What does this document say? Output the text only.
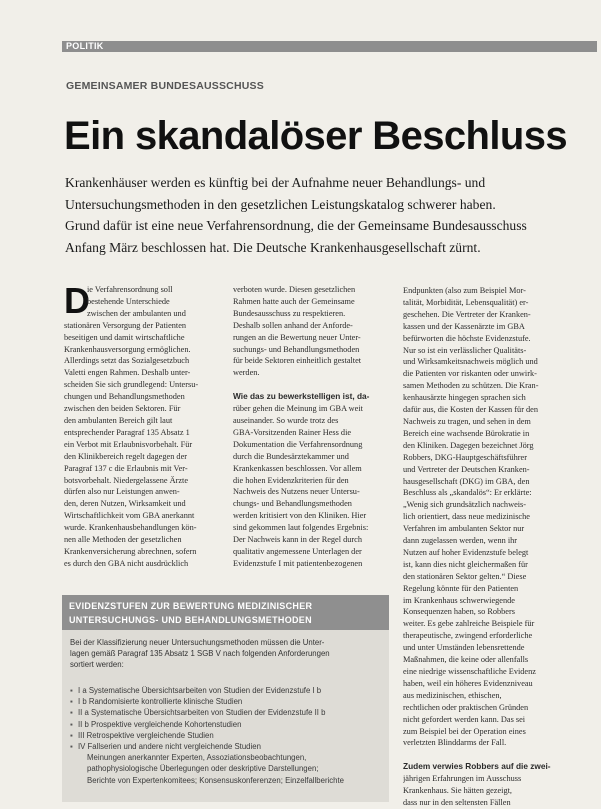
POLITIK
GEMEINSAMER BUNDESAUSSCHUSS
Ein skandalöser Beschluss

Krankenhäuser werden es künftig bei der Aufnahme neuer Behandlungs- und

Untersuchungsmethoden in den gesetzlichen Leistungskatalog schwerer haben.

Grund dafür ist eine neue Verfahrensordnung, die der Gemeinsame Bundesausschuss

Anfang März beschlossen hat. Die Deutsche Krankenhausgesellschaft zürnt.

D

ie Verfahrensordnung soll

bestehende Unterschiede

zwischen der ambulanten und

stationären Versorgung der Patienten

beseitigen und damit wirtschaftliche

Krankenhausversorgung ermöglichen.

Allerdings setzt das Sozialgesetzbuch

Valetti engen Rahmen. Deshalb unter-

scheiden Sie sich grundlegend: Untersu-

chungen und Behandlungsmethoden

zwischen den beiden Sektoren. Für

den ambulanten Bereich gilt laut

entsprechender Paragraf 135 Absatz 1

ein Verbot mit Erlaubnisvorbehalt. Für

den Klinikbereich regelt dagegen der

Paragraf 137 c die Erlaubnis mit Ver-

botsvorbehalt. Niedergelassene Ärzte

dürfen also nur Leistungen anwen-

den, deren Nutzen, Wirksamkeit und

Wirtschaftlichkeit vom GBA anerkannt

wurde. Krankenhausbehandlungen kön-

nen alle Methoden der gesetzlichen

Krankenversicherung abrechnen, sofern

es durch den GBA nicht ausdrücklich

verboten wurde. Diesen gesetzlichen

Rahmen hatte auch der Gemeinsame

Bundesausschuss zu respektieren.

Deshalb sollen anhand der Anforde-

rungen an die Bewertung neuer Unter-

suchungs- und Behandlungsmethoden

für beide Sektoren einheitlich gestaltet

werden.

Wie das zu bewerkstelligen ist, da-

rüber gehen die Meinung im GBA weit

auseinander. So wurde trotz des

GBA-Vorsitzenden Rainer Hess die

Dokumentation die Verfahrensordnung

durch die Bundesärztekammer und

Krankenkassen beschlossen. Vor allem

die hohen Evidenzkriterien für den

Nachweis des Nutzens neuer Untersu-

chungs- und Behandlungsmethoden

werden kritisiert von den Kliniken. Hier

sind gekommen laut folgendes Ergebnis:

Der Nachweis kann in der Regel durch

qualitativ angemessene Unterlagen der

Evidenzstufe I mit patientenbezogenen

Endpunkten (also zum Beispiel Mor-

talität, Morbidität, Lebensqualität) er-

geschehen. Die Vertreter der Kranken-

kassen und der Kassenärzte im GBA

befürworten die höchste Evidenzstufe.

Nur so ist ein verlässlicher Qualitäts-

und Wirksamkeitsnachweis möglich und

die Patienten vor riskanten oder unwirk-

samen Methoden zu schützen. Die Kran-

kenhausärzte hingegen sprachen sich

dafür aus, die Kosten der Kassen für den

Nachweis zu tragen, und sehen in dem

Bereich eine wachsende Bürokratie in

den Kliniken. Dagegen bezeichnet Jörg

Robbers, DKG-Hauptgeschäftsführer

und Vertreter der Deutschen Kranken-

hausgesellschaft (DKG) im GBA, den

Beschluss als „skandalös“: Er erklärte:

„Wenig sich grundsätzlich nachweis-

lich orientiert, dass neue medizinische

Verfahren im ambulanten Sektor nur

dann zugelassen werden, wenn ihr

Nutzen auf hoher Evidenzstufe belegt

ist, kann dies nicht gleichermaßen für

den stationären Sektor gelten.“ Diese

Regelung könnte für den Patienten

im Krankenhaus schwerwiegende

Konsequenzen haben, so Robbers

weiter. Es gebe zahlreiche Beispiele für

therapeutische, zwingend erforderliche

und unter Umständen lebensrettende

Maßnahmen, die keine oder allenfalls

eine niedrige wissenschaftliche Evidenz

haben, weil ein höheres Evidenzniveau

aus medizinischen, ethischen,

rechtlichen oder praktischen Gründen

nicht gefordert werden kann. Das sei

zum Beispiel bei der Operation eines

verletzten Blinddarms der Fall.

Zudem verwies Robbers auf die zwei-

jährigen Erfahrungen im Ausschuss

Krankenhaus. Sie hätten gezeigt,

dass nur in den seltensten Fällen

EVIDENZSTUFEN ZUR BEWERTUNG MEDIZINISCHER

UNTERSUCHUNGS- UND BEHANDLUNGSMETHODEN

Bei der Klassifizierung neuer Untersuchungsmethoden müssen die Unter-

lagen gemäß Paragraf 135 Absatz 1 SGB V nach folgenden Anforderungen

sortiert werden:

▪ I a Systematische Übersichtsarbeiten von Studien der Evidenzstufe I b
▪ I b Randomisierte kontrollierte klinische Studien
▪ II a Systematische Übersichtsarbeiten von Studien der Evidenzstufe II b
▪ II b Prospektive vergleichende Kohortenstudien
▪ III Retrospektive vergleichende Studien
▪ IV Fallserien und andere nicht vergleichende Studien
Meinungen anerkannter Experten, Assoziationsbeobachtungen,
pathophysiologische Überlegungen oder deskriptive Darstellungen;
Berichte von Expertenkomitees; Konsensuskonferenzen; Einzelfallberichte
